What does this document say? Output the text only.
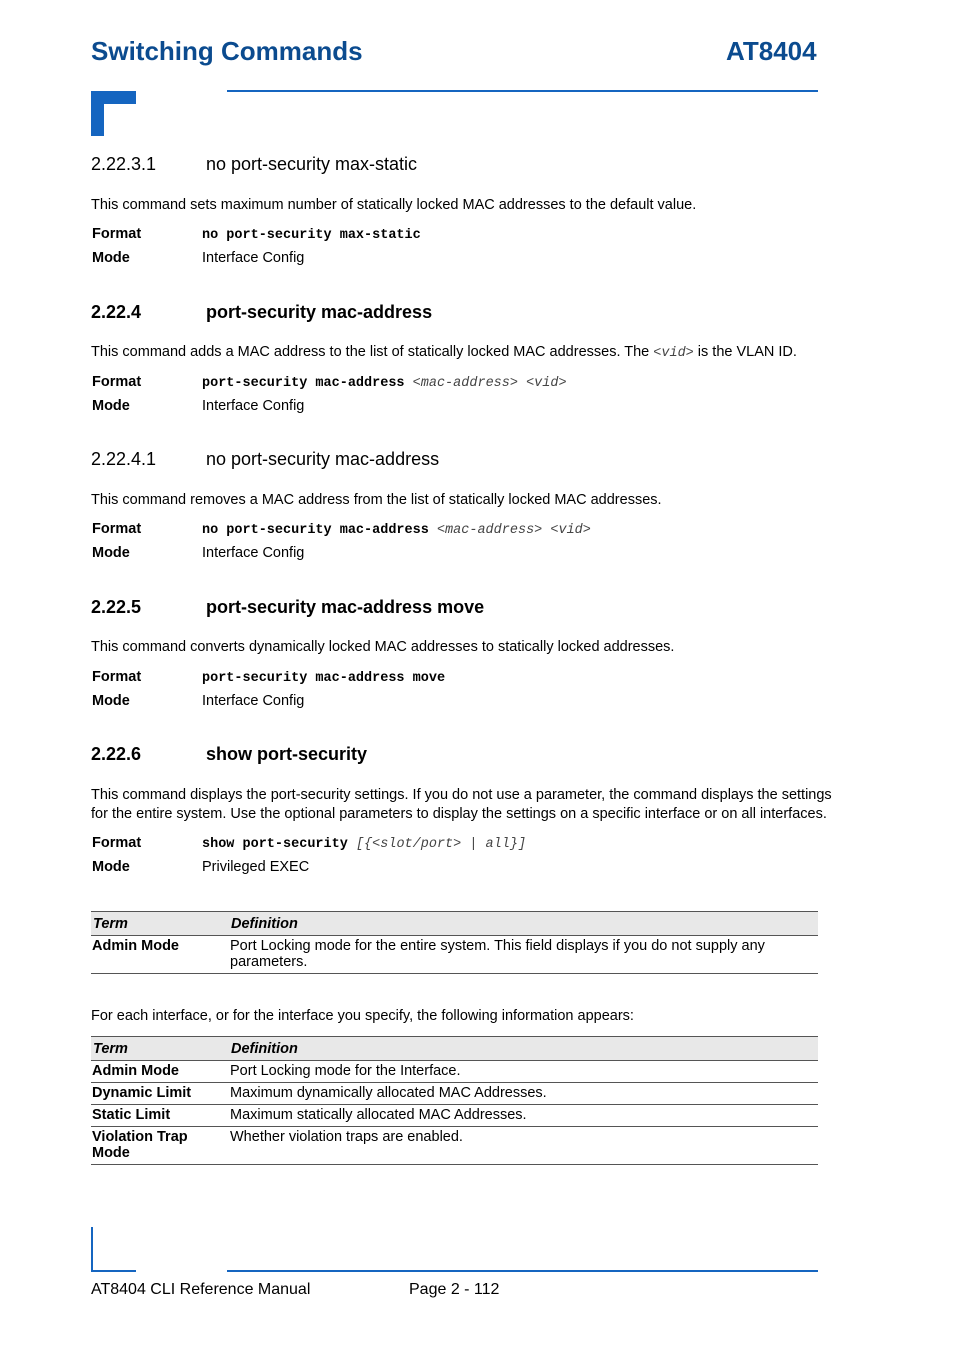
Switching Commands	AT8404
2.22.3.1	no port-security max-static
This command sets maximum number of statically locked MAC addresses to the default value.
Format	no port-security max-static
Mode	Interface Config
2.22.4	port-security mac-address
This command adds a MAC address to the list of statically locked MAC addresses. The <vid> is the VLAN ID.
Format	port-security mac-address <mac-address> <vid>
Mode	Interface Config
2.22.4.1	no port-security mac-address
This command removes a MAC address from the list of statically locked MAC addresses.
Format	no port-security mac-address <mac-address> <vid>
Mode	Interface Config
2.22.5	port-security mac-address move
This command converts dynamically locked MAC addresses to statically locked addresses.
Format	port-security mac-address move
Mode	Interface Config
2.22.6	show port-security
This command displays the port-security settings. If you do not use a parameter, the command displays the settings
for the entire system. Use the optional parameters to display the settings on a specific interface or on all interfaces.
Format	show port-security [{<slot/port> | all}]
Mode	Privileged EXEC
Term	Definition
Admin Mode	Port Locking mode for the entire system. This field displays if you do not supply any parameters.
For each interface, or for the interface you specify, the following information appears:
Term	Definition
Admin Mode	Port Locking mode for the Interface.
Dynamic Limit	Maximum dynamically allocated MAC Addresses.
Static Limit	Maximum statically allocated MAC Addresses.
Violation Trap Mode	Whether violation traps are enabled.
AT8404 CLI Reference Manual	Page 2 - 112
